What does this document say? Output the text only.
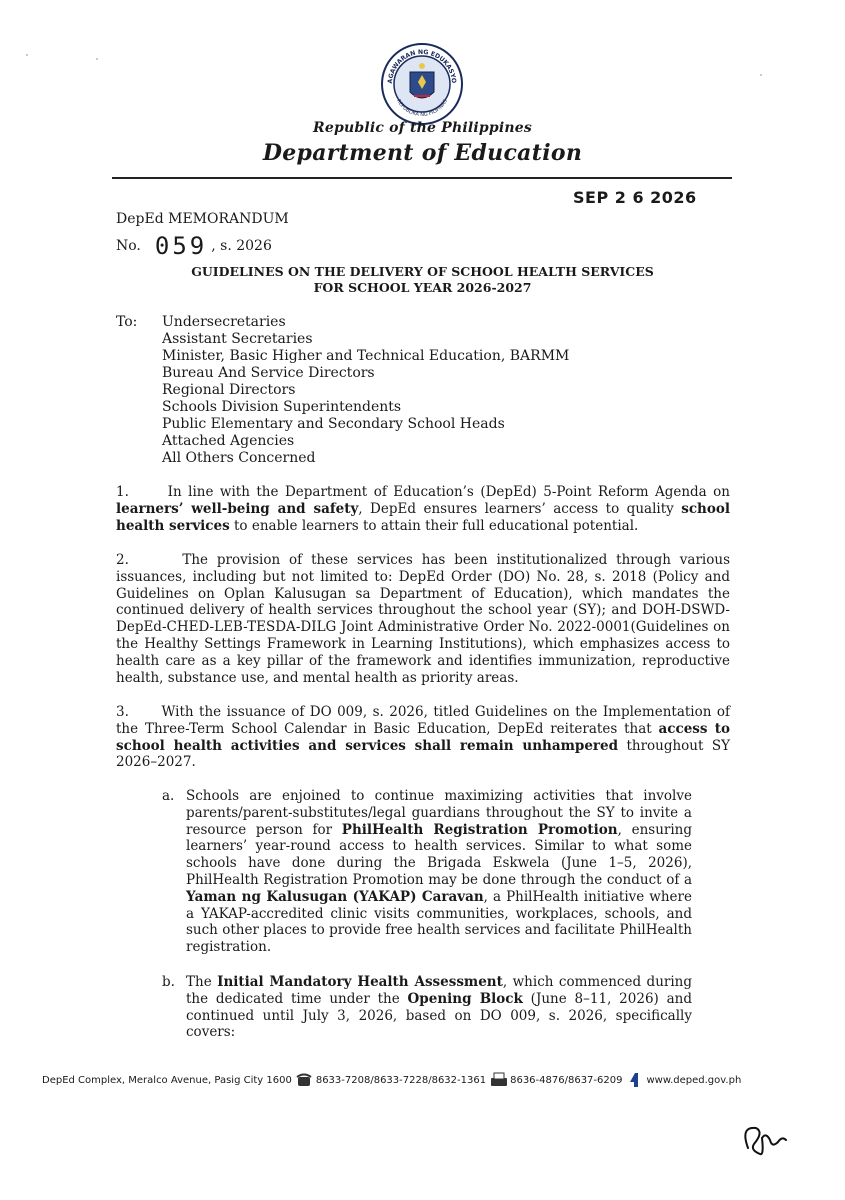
AGAWARAN NG EDUKASYO
REPUBLIKA NG PILIPINAS
Republic of the Philippines
Department of Education
SEP 2 6 2026
DepEd MEMORANDUM
No. 059 , s. 2026
GUIDELINES ON THE DELIVERY OF SCHOOL HEALTH SERVICES
FOR SCHOOL YEAR 2026-2027
To: Undersecretaries
Assistant Secretaries
Minister, Basic Higher and Technical Education, BARMM
Bureau And Service Directors
Regional Directors
Schools Division Superintendents
Public Elementary and Secondary School Heads
Attached Agencies
All Others Concerned
1.	In line with the Department of Education’s (DepEd) 5-Point Reform Agenda on learners’ well-being and safety, DepEd ensures learners’ access to quality school health services to enable learners to attain their full educational potential.
2.	The provision of these services has been institutionalized through various issuances, including but not limited to: DepEd Order (DO) No. 28, s. 2018 (Policy and Guidelines on Oplan Kalusugan sa Department of Education), which mandates the continued delivery of health services throughout the school year (SY); and DOH-DSWD-DepEd-CHED-LEB-TESDA-DILG Joint Administrative Order No. 2022-0001(Guidelines on the Healthy Settings Framework in Learning Institutions), which emphasizes access to health care as a key pillar of the framework and identifies immunization, reproductive health, substance use, and mental health as priority areas.
3. With the issuance of DO 009, s. 2026, titled Guidelines on the Implementation of the Three-Term School Calendar in Basic Education, DepEd reiterates that access to school health activities and services shall remain unhampered throughout SY 2026–2027.
a. Schools are enjoined to continue maximizing activities that involve parents/parent-substitutes/legal guardians throughout the SY to invite a resource person for PhilHealth Registration Promotion, ensuring learners’ year-round access to health services. Similar to what some schools have done during the Brigada Eskwela (June 1–5, 2026), PhilHealth Registration Promotion may be done through the conduct of a Yaman ng Kalusugan (YAKAP) Caravan, a PhilHealth initiative where a YAKAP-accredited clinic visits communities, workplaces, schools, and such other places to provide free health services and facilitate PhilHealth registration.
b. The Initial Mandatory Health Assessment, which commenced during the dedicated time under the Opening Block (June 8–11, 2026) and continued until July 3, 2026, based on DO 009, s. 2026, specifically covers:
DepEd Complex, Meralco Avenue, Pasig City 1600 8633-7208/8633-7228/8632-1361 8636-4876/8637-6209 www.deped.gov.ph
